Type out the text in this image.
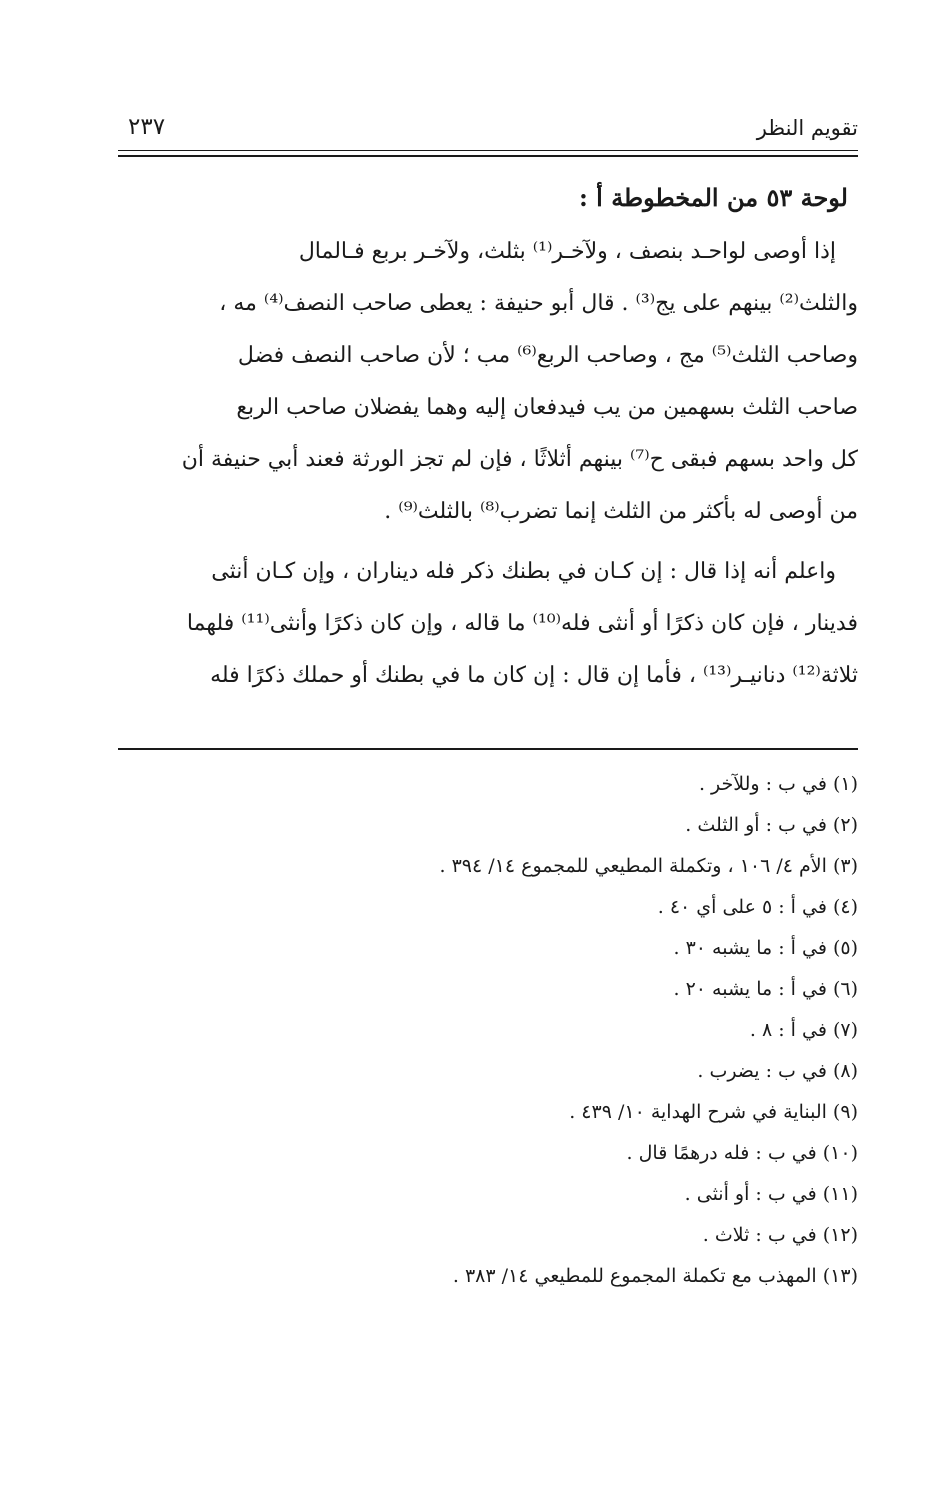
تقويم النظر
٢٣٧
لوحة ٥٣ من المخطوطة أ :
إذا أوصى لواحـد بنصف ، ولآخـر⁽¹⁾ بثلث، ولآخـر بربع فـالمال
والثلث⁽²⁾ بينهم على يج⁽³⁾ . قال أبو حنيفة : يعطى صاحب النصف⁽⁴⁾ مه ،
وصاحب الثلث⁽⁵⁾ مج ، وصاحب الربع⁽⁶⁾ مب ؛ لأن صاحب النصف فضل
صاحب الثلث بسهمين من يب فيدفعان إليه وهما يفضلان صاحب الربع
كل واحد بسهم فبقى ح⁽⁷⁾ بينهم أثلاثًا ، فإن لم تجز الورثة فعند أبي حنيفة أن
من أوصى له بأكثر من الثلث إنما تضرب⁽⁸⁾ بالثلث⁽⁹⁾ .
واعلم أنه إذا قال : إن كـان في بطنك ذكر فله ديناران ، وإن كـان أنثى
فدينار ، فإن كان ذكرًا أو أنثى فله⁽¹⁰⁾ ما قاله ، وإن كان ذكرًا وأنثى⁽¹¹⁾ فلهما
ثلاثة⁽¹²⁾ دنانيـر⁽¹³⁾ ، فأما إن قال : إن كان ما في بطنك أو حملك ذكرًا فله
(١) في ب : وللآخر .
(٢) في ب : أو الثلث .
(٣) الأم ٤/ ١٠٦ ، وتكملة المطيعي للمجموع ١٤/ ٣٩٤ .
(٤) في أ : ٥ على أي ٤٠ .
(٥) في أ : ما يشبه ٣٠ .
(٦) في أ : ما يشبه ٢٠ .
(٧) في أ : ٨ .
(٨) في ب : يضرب .
(٩) البناية في شرح الهداية ١٠/ ٤٣٩ .
(١٠) في ب : فله درهمًا قال .
(١١) في ب : أو أنثى .
(١٢) في ب : ثلاث .
(١٣) المهذب مع تكملة المجموع للمطيعي ١٤/ ٣٨٣ .
